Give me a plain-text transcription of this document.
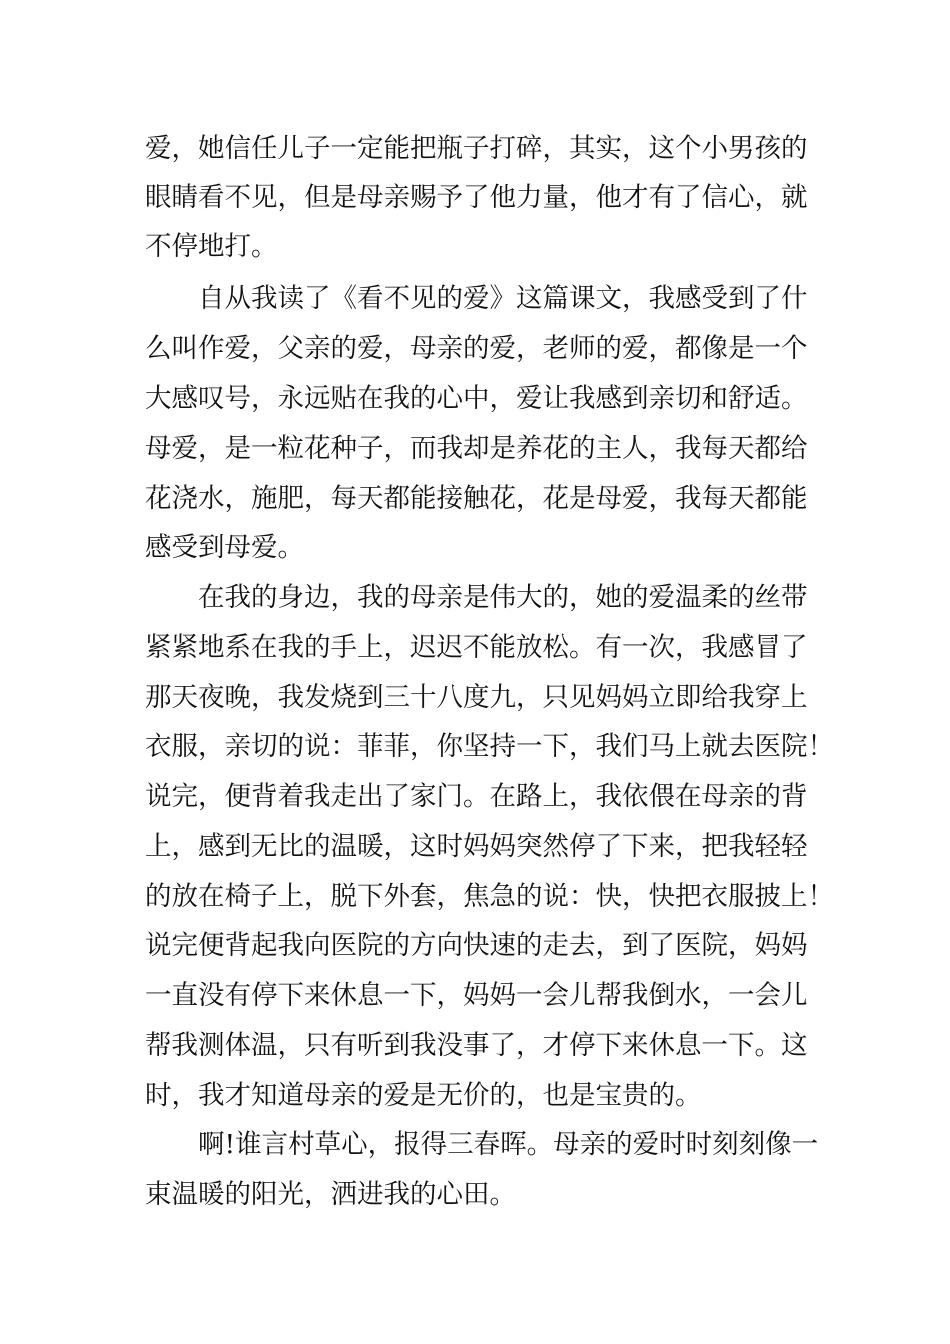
爱，她信任儿子一定能把瓶子打碎，其实，这个小男孩的
眼睛看不见，但是母亲赐予了他力量，他才有了信心，就
不停地打。
自从我读了《看不见的爱》这篇课文，我感受到了什
么叫作爱，父亲的爱，母亲的爱，老师的爱，都像是一个
大感叹号，永远贴在我的心中，爱让我感到亲切和舒适。
母爱，是一粒花种子，而我却是养花的主人，我每天都给
花浇水，施肥，每天都能接触花，花是母爱，我每天都能
感受到母爱。
在我的身边，我的母亲是伟大的，她的爱温柔的丝带
紧紧地系在我的手上，迟迟不能放松。有一次，我感冒了
那天夜晚，我发烧到三十八度九，只见妈妈立即给我穿上
衣服，亲切的说：菲菲，你坚持一下，我们马上就去医院！
说完，便背着我走出了家门。在路上，我依偎在母亲的背
上，感到无比的温暖，这时妈妈突然停了下来，把我轻轻
的放在椅子上，脱下外套，焦急的说：快，快把衣服披上！
说完便背起我向医院的方向快速的走去，到了医院，妈妈
一直没有停下来休息一下，妈妈一会儿帮我倒水，一会儿
帮我测体温，只有听到我没事了，才停下来休息一下。这
时，我才知道母亲的爱是无价的，也是宝贵的。
啊!谁言村草心，报得三春晖。母亲的爱时时刻刻像一
束温暖的阳光，洒进我的心田。
